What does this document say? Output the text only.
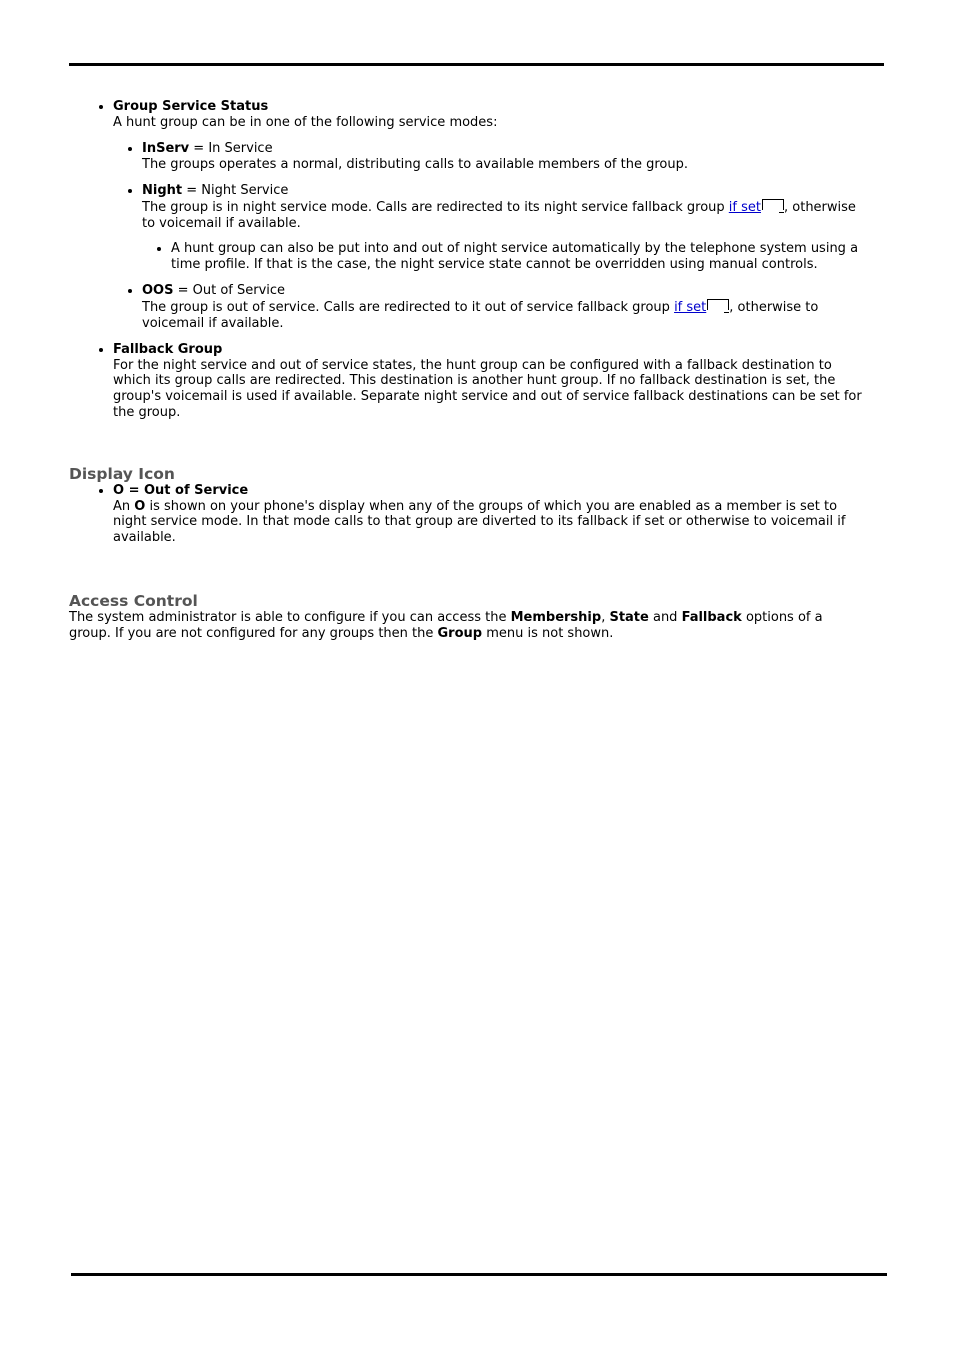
• Group Service Status
A hunt group can be in one of the following service modes:
• InServ = In Service
The groups operates a normal, distributing calls to available members of the group.
• Night = Night Service
The group is in night service mode. Calls are redirected to its night service fallback group if set , otherwise to voicemail if available.
• A hunt group can also be put into and out of night service automatically by the telephone system using a time profile. If that is the case, the night service state cannot be overridden using manual controls.
• OOS = Out of Service
The group is out of service. Calls are redirected to it out of service fallback group if set , otherwise to voicemail if available.
• Fallback Group
For the night service and out of service states, the hunt group can be configured with a fallback destination to which its group calls are redirected. This destination is another hunt group. If no fallback destination is set, the group's voicemail is used if available. Separate night service and out of service fallback destinations can be set for the group.
Display Icon
• O = Out of Service
An O is shown on your phone's display when any of the groups of which you are enabled as a member is set to night service mode. In that mode calls to that group are diverted to its fallback if set or otherwise to voicemail if available.
Access Control

The system administrator is able to configure if you can access the Membership, State and Fallback options of a group. If you are not configured for any groups then the Group menu is not shown.
